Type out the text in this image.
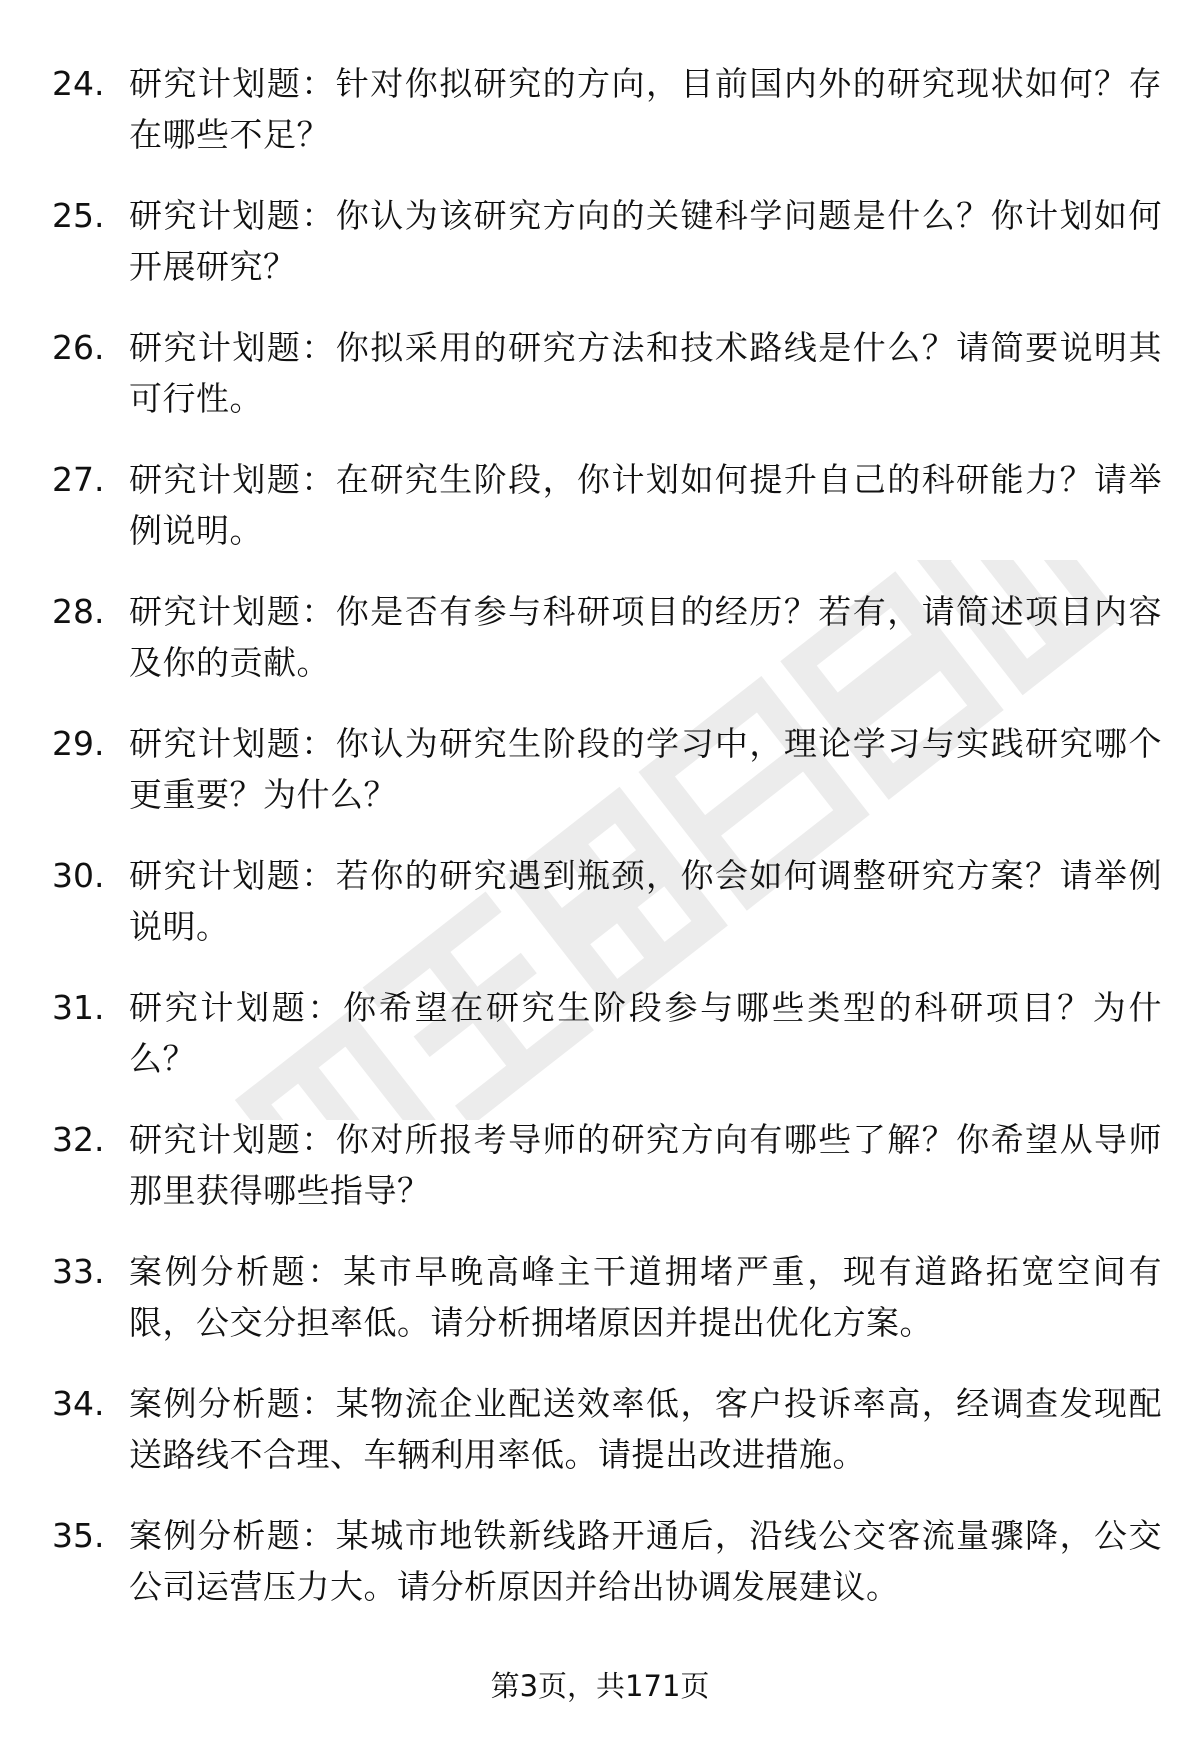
24. 研究计划题：针对你拟研究的方向，目前国内外的研究现状如何？存在哪些不足？
25. 研究计划题：你认为该研究方向的关键科学问题是什么？你计划如何开展研究？
26. 研究计划题：你拟采用的研究方法和技术路线是什么？请简要说明其可行性。
27. 研究计划题：在研究生阶段，你计划如何提升自己的科研能力？请举例说明。
28. 研究计划题：你是否有参与科研项目的经历？若有，请简述项目内容及你的贡献。
29. 研究计划题：你认为研究生阶段的学习中，理论学习与实践研究哪个更重要？为什么？
30. 研究计划题：若你的研究遇到瓶颈，你会如何调整研究方案？请举例说明。
31. 研究计划题：你希望在研究生阶段参与哪些类型的科研项目？为什么？
32. 研究计划题：你对所报考导师的研究方向有哪些了解？你希望从导师那里获得哪些指导？
33. 案例分析题：某市早晚高峰主干道拥堵严重，现有道路拓宽空间有限，公交分担率低。请分析拥堵原因并提出优化方案。
34. 案例分析题：某物流企业配送效率低，客户投诉率高，经调查发现配送路线不合理、车辆利用率低。请提出改进措施。
35. 案例分析题：某城市地铁新线路开通后，沿线公交客流量骤降，公交公司运营压力大。请分析原因并给出协调发展建议。
第3页，共171页
